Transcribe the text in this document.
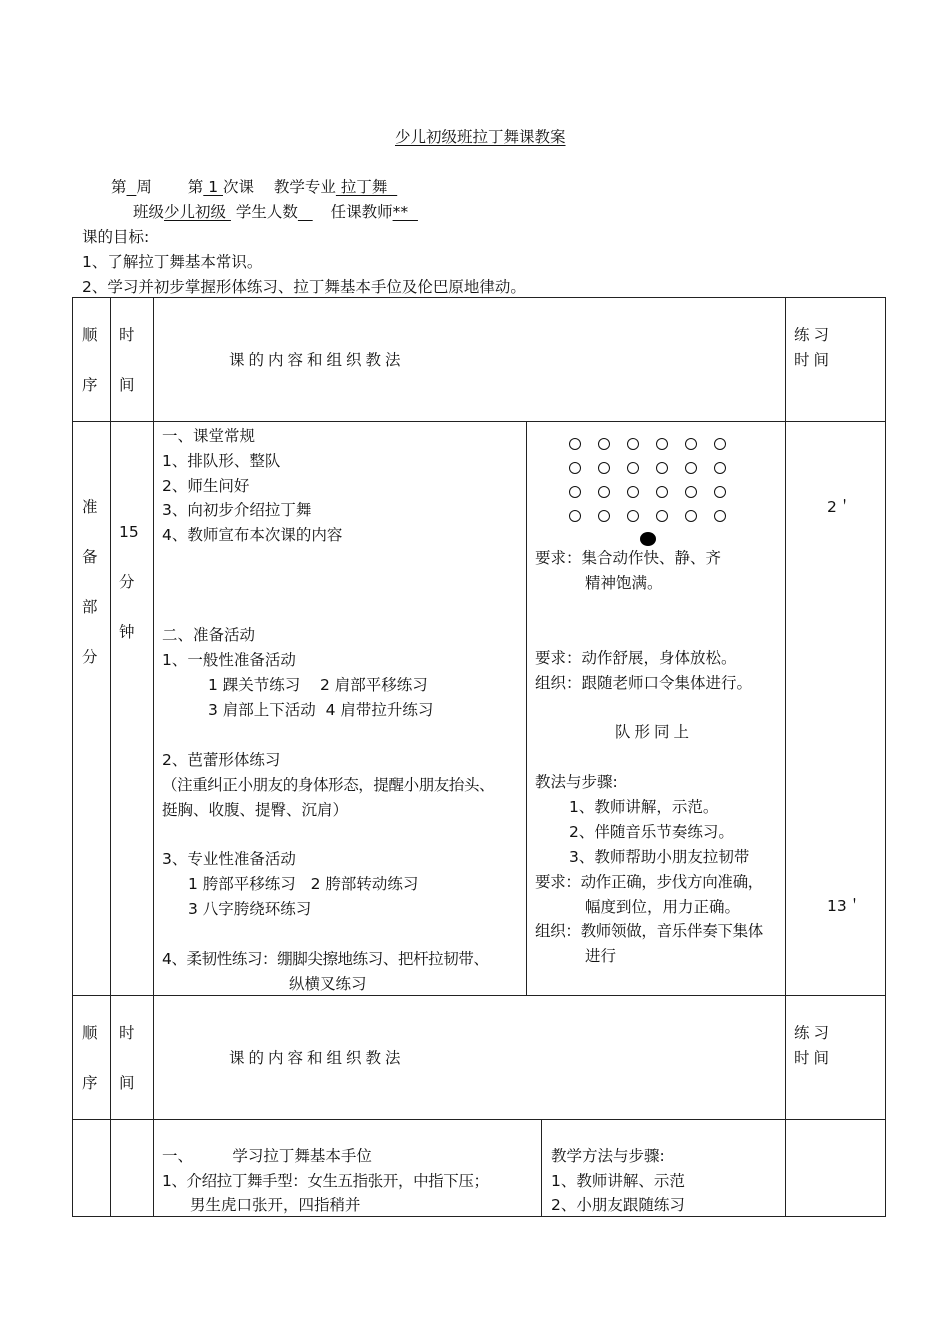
少儿初级班拉丁舞课教案
第 周 第 1 次课 教学专业 拉丁舞
班级少儿初级  学生人数 任课教师**
课的目标:
1、了解拉丁舞基本常识。
2、学习并初步掌握形体练习、拉丁舞基本手位及伦巴原地律动。
顺
序
时
间
课的内容和组织教法
练习
时间
准
备
部
分
15
分
钟
一、课堂常规
1、排队形、整队
2、师生问好
3、向初步介绍拉丁舞
4、教师宣布本次课的内容
二、准备活动
1、一般性准备活动
1 踝关节练习    2 肩部平移练习
3 肩部上下活动  4 肩带拉升练习
2、芭蕾形体练习
（注重纠正小朋友的身体形态，提醒小朋友抬头、
挺胸、收腹、提臀、沉肩）
3、专业性准备活动
1 胯部平移练习   2 胯部转动练习
3 八字胯绕环练习
4、柔韧性练习：绷脚尖擦地练习、把杆拉韧带、
纵横叉练习
要求：集合动作快、静、齐
精神饱满。
要求：动作舒展，身体放松。
组织：跟随老师口令集体进行。
队形同上
教法与步骤:
1、教师讲解，示范。
2、伴随音乐节奏练习。
3、教师帮助小朋友拉韧带
要求：动作正确，步伐方向准确，
幅度到位，用力正确。
组织：教师领做，音乐伴奏下集体
进行
2＇
13＇
顺
序
时
间
课的内容和组织教法
练习
时间
一、        学习拉丁舞基本手位
1、介绍拉丁舞手型：女生五指张开，中指下压；
男生虎口张开，四指稍并
教学方法与步骤:
1、教师讲解、示范
2、小朋友跟随练习
